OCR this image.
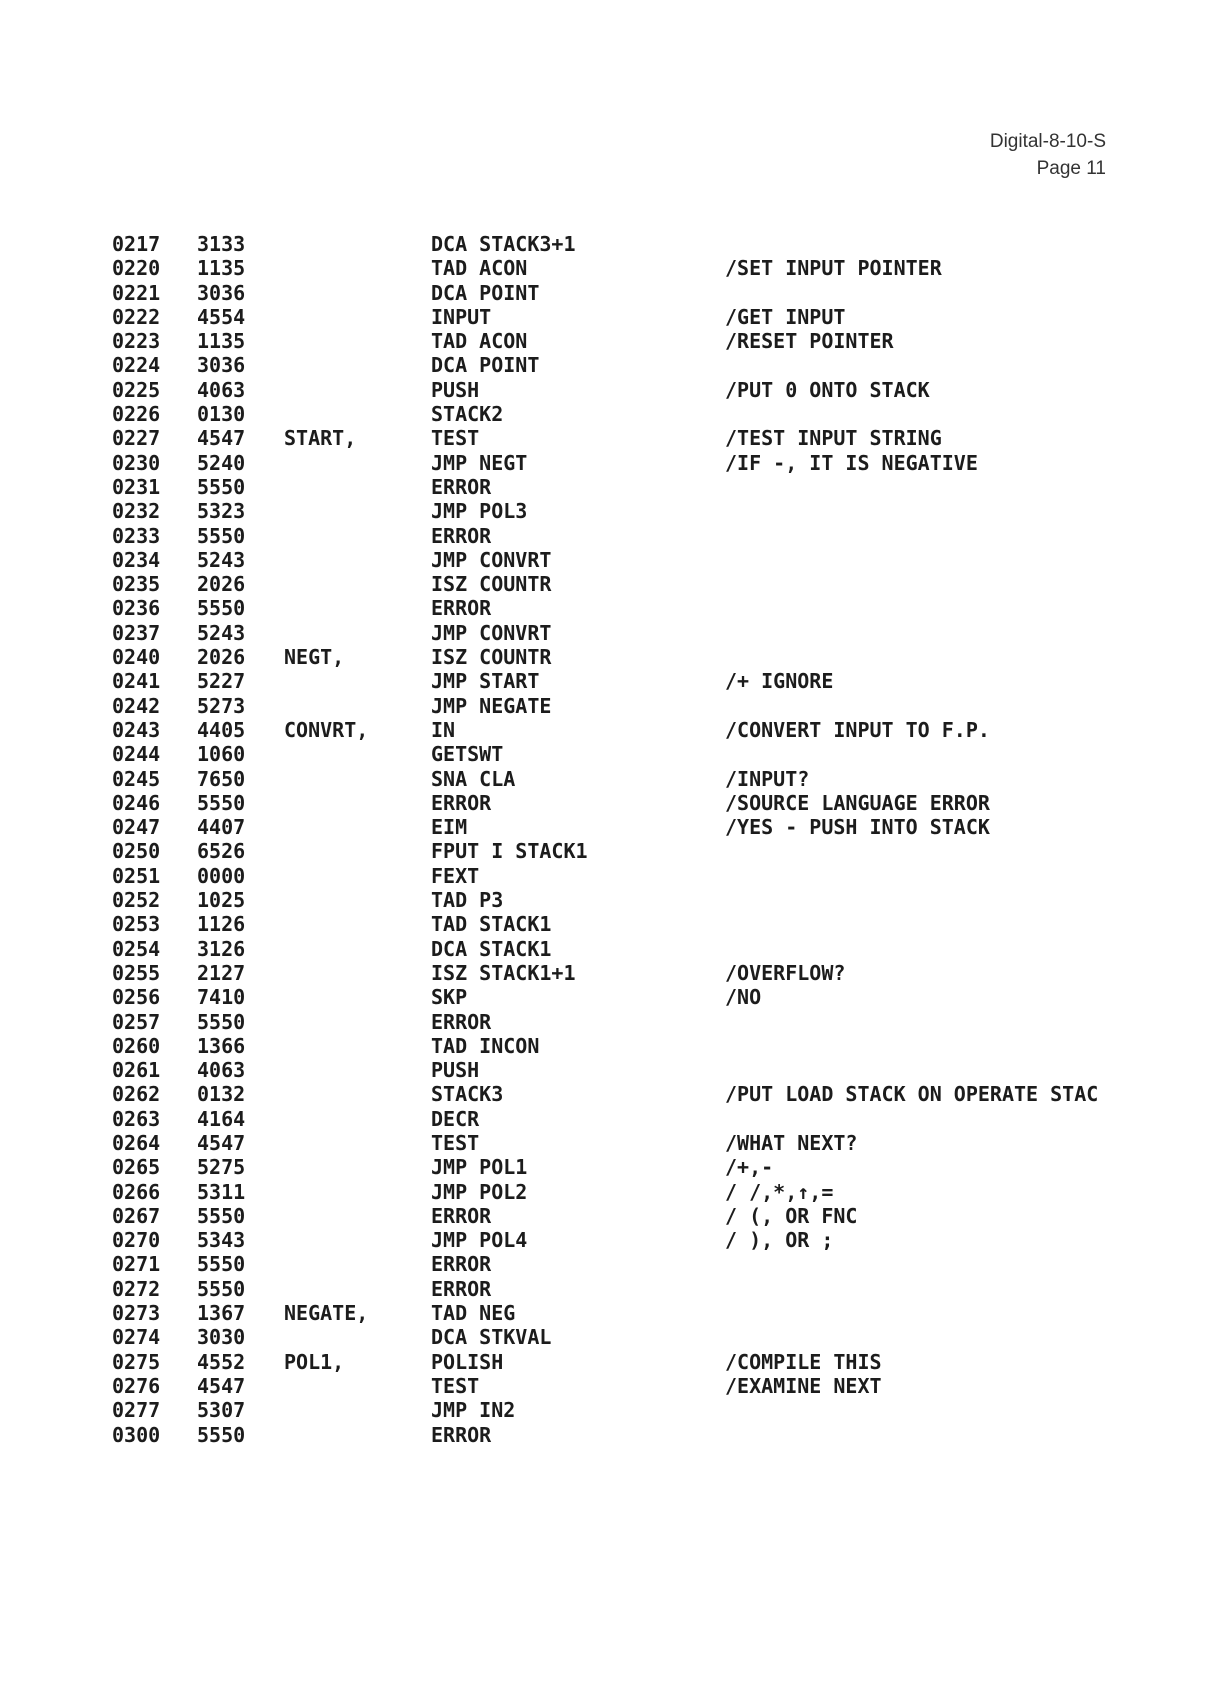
Digital-8-10-S
Page 11
0217 3133	DCA STACK3+1
0220 1135	TAD ACON	/SET INPUT POINTER
0221 3036	DCA POINT
0222 4554	INPUT	/GET INPUT
0223 1135	TAD ACON	/RESET POINTER
0224 3036	DCA POINT
0225 4063	PUSH	/PUT 0 ONTO STACK
0226 0130	STACK2
0227 4547 START,	TEST	/TEST INPUT STRING
0230 5240	JMP NEGT	/IF -, IT IS NEGATIVE
0231 5550	ERROR
0232 5323	JMP POL3
0233 5550	ERROR
0234 5243	JMP CONVRT
0235 2026	ISZ COUNTR
0236 5550	ERROR
0237 5243	JMP CONVRT
0240 2026 NEGT,	ISZ COUNTR
0241 5227	JMP START	/+ IGNORE
0242 5273	JMP NEGATE
0243 4405 CONVRT,	IN	/CONVERT INPUT TO F.P.
0244 1060	GETSWT
0245 7650	SNA CLA	/INPUT?
0246 5550	ERROR	/SOURCE LANGUAGE ERROR
0247 4407	EIM	/YES - PUSH INTO STACK
0250 6526	FPUT I STACK1
0251 0000	FEXT
0252 1025	TAD P3
0253 1126	TAD STACK1
0254 3126	DCA STACK1
0255 2127	ISZ STACK1+1	/OVERFLOW?
0256 7410	SKP	/NO
0257 5550	ERROR
0260 1366	TAD INCON
0261 4063	PUSH
0262 0132	STACK3	/PUT LOAD STACK ON OPERATE STAC
0263 4164	DECR
0264 4547	TEST	/WHAT NEXT?
0265 5275	JMP POL1	/+,-
0266 5311	JMP POL2	/ /,*,↑,=
0267 5550	ERROR	/ (, OR FNC
0270 5343	JMP POL4	/ ), OR ;
0271 5550	ERROR
0272 5550	ERROR
0273 1367 NEGATE,	TAD NEG
0274 3030	DCA STKVAL
0275 4552 POL1,	POLISH	/COMPILE THIS
0276 4547	TEST	/EXAMINE NEXT
0277 5307	JMP IN2
0300 5550	ERROR
